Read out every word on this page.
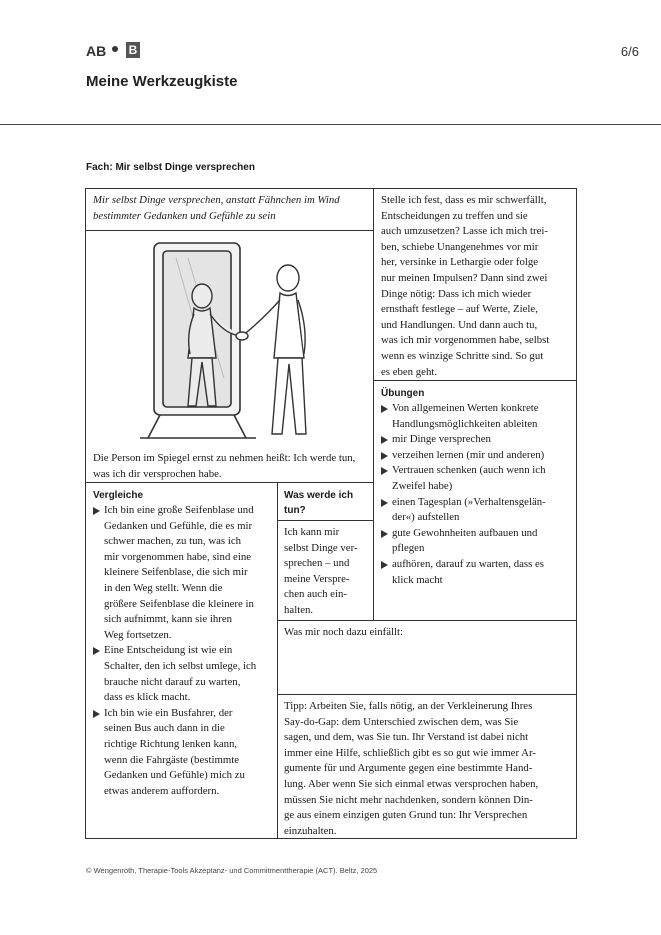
AB B
Meine Werkzeugkiste
6/6
Fach: Mir selbst Dinge versprechen
Mir selbst Dinge versprechen, anstatt Fähnchen im Wind bestimmter Gedanken und Gefühle zu sein
Die Person im Spiegel ernst zu nehmen heißt: Ich werde tun, was ich dir versprochen habe.

Stelle ich fest, dass es mir schwerfällt,

Entscheidungen zu treffen und sie

auch umzusetzen? Lasse ich mich trei-

ben, schiebe Unangenehmes vor mir

her, versinke in Lethargie oder folge

nur meinen Impulsen? Dann sind zwei

Dinge nötig: Dass ich mich wieder

ernsthaft festlege – auf Werte, Ziele,

und Handlungen. Und dann auch tu,

was ich mir vorgenommen habe, selbst

wenn es winzige Schritte sind. So gut

es eben geht.

Übungen
Von allgemeinen Werten konkrete
Handlungsmöglichkeiten ableiten
mir Dinge versprechen
verzeihen lernen (mir und anderen)
Vertrauen schenken (auch wenn ich
Zweifel habe)
einen Tagesplan (»Verhaltensgelän-
der«) aufstellen
gute Gewohnheiten aufbauen und
pflegen
aufhören, darauf zu warten, dass es
klick macht
Vergleiche
Ich bin eine große Seifenblase und
Gedanken und Gefühle, die es mir
schwer machen, zu tun, was ich
mir vorgenommen habe, sind eine
kleinere Seifenblase, die sich mir
in den Weg stellt. Wenn die
größere Seifenblase die kleinere in
sich aufnimmt, kann sie ihren
Weg fortsetzen.
Eine Entscheidung ist wie ein
Schalter, den ich selbst umlege, ich
brauche nicht darauf zu warten,
dass es klick macht.
Ich bin wie ein Busfahrer, der
seinen Bus auch dann in die
richtige Richtung lenken kann,
wenn die Fahrgäste (bestimmte
Gedanken und Gefühle) mich zu
etwas anderem auffordern.
Was werde ich
tun?

Ich kann mir

selbst Dinge ver-

sprechen – und

meine Verspre-

chen auch ein-

halten.

Was mir noch dazu einfällt:

Tipp: Arbeiten Sie, falls nötig, an der Verkleinerung Ihres

Say-do-Gap: dem Unterschied zwischen dem, was Sie

sagen, und dem, was Sie tun. Ihr Verstand ist dabei nicht

immer eine Hilfe, schließlich gibt es so gut wie immer Ar-

gumente für und Argumente gegen eine bestimmte Hand-

lung. Aber wenn Sie sich einmal etwas versprochen haben,

müssen Sie nicht mehr nachdenken, sondern können Din-

ge aus einem einzigen guten Grund tun: Ihr Versprechen

einzuhalten.

© Wengenroth, Therapie-Tools Akzeptanz- und Commitmenttherapie (ACT). Beltz, 2025
